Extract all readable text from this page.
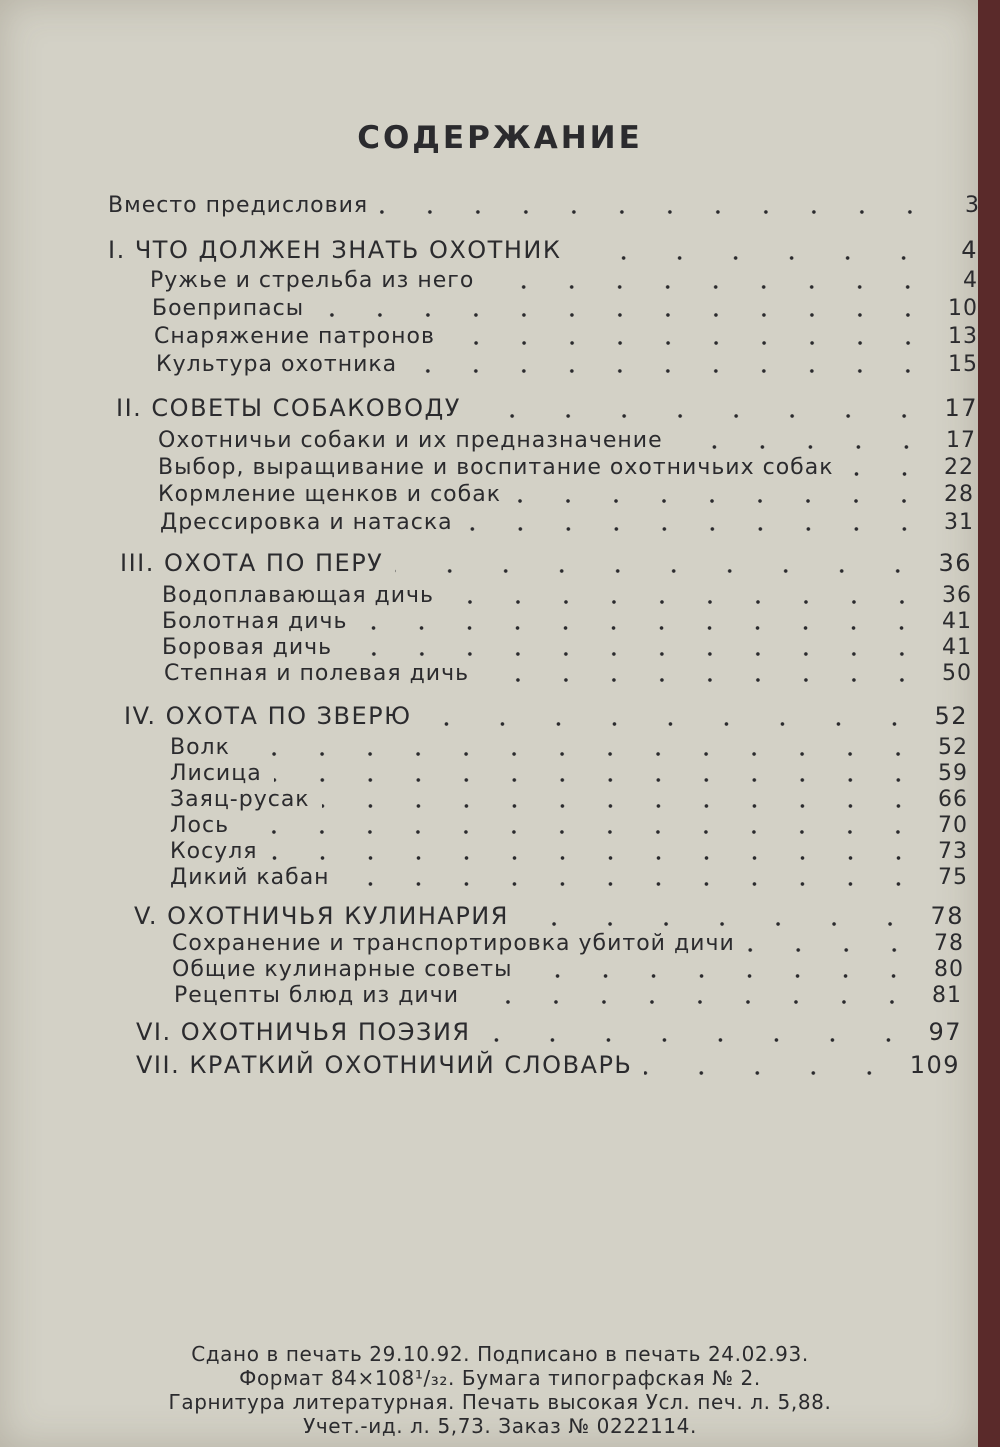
СОДЕРЖАНИЕ
Вместо предисловия	3
I. ЧТО ДОЛЖЕН ЗНАТЬ ОХОТНИК	4
Ружье и стрельба из него	4
Боеприпасы	10
Снаряжение патронов	13
Культура охотника	15
II. СОВЕТЫ СОБАКОВОДУ	17
Охотничьи собаки и их предназначение	17
Выбор, выращивание и воспитание охотничьих собак	22
Кормление щенков и собак	28
Дрессировка и натаска	31
III. ОХОТА ПО ПЕРУ	36
Водоплавающая дичь	36
Болотная дичь	41
Боровая дичь	41
Степная и полевая дичь	50
IV. ОХОТА ПО ЗВЕРЮ	52
Волк	52
Лисица	59
Заяц-русак	66
Лось	70
Косуля	73
Дикий кабан	75
V. ОХОТНИЧЬЯ КУЛИНАРИЯ	78
Сохранение и транспортировка убитой дичи	78
Общие кулинарные советы	80
Рецепты блюд из дичи	81
VI. ОХОТНИЧЬЯ ПОЭЗИЯ	97
VII. КРАТКИЙ ОХОТНИЧИЙ СЛОВАРЬ	109
Сдано в печать 29.10.92. Подписано в печать 24.02.93.
Формат 84×108¹/₃₂. Бумага типографская № 2.
Гарнитура литературная. Печать высокая Усл. печ. л. 5,88.
Учет.-ид. л. 5,73. Заказ № 0222114.
